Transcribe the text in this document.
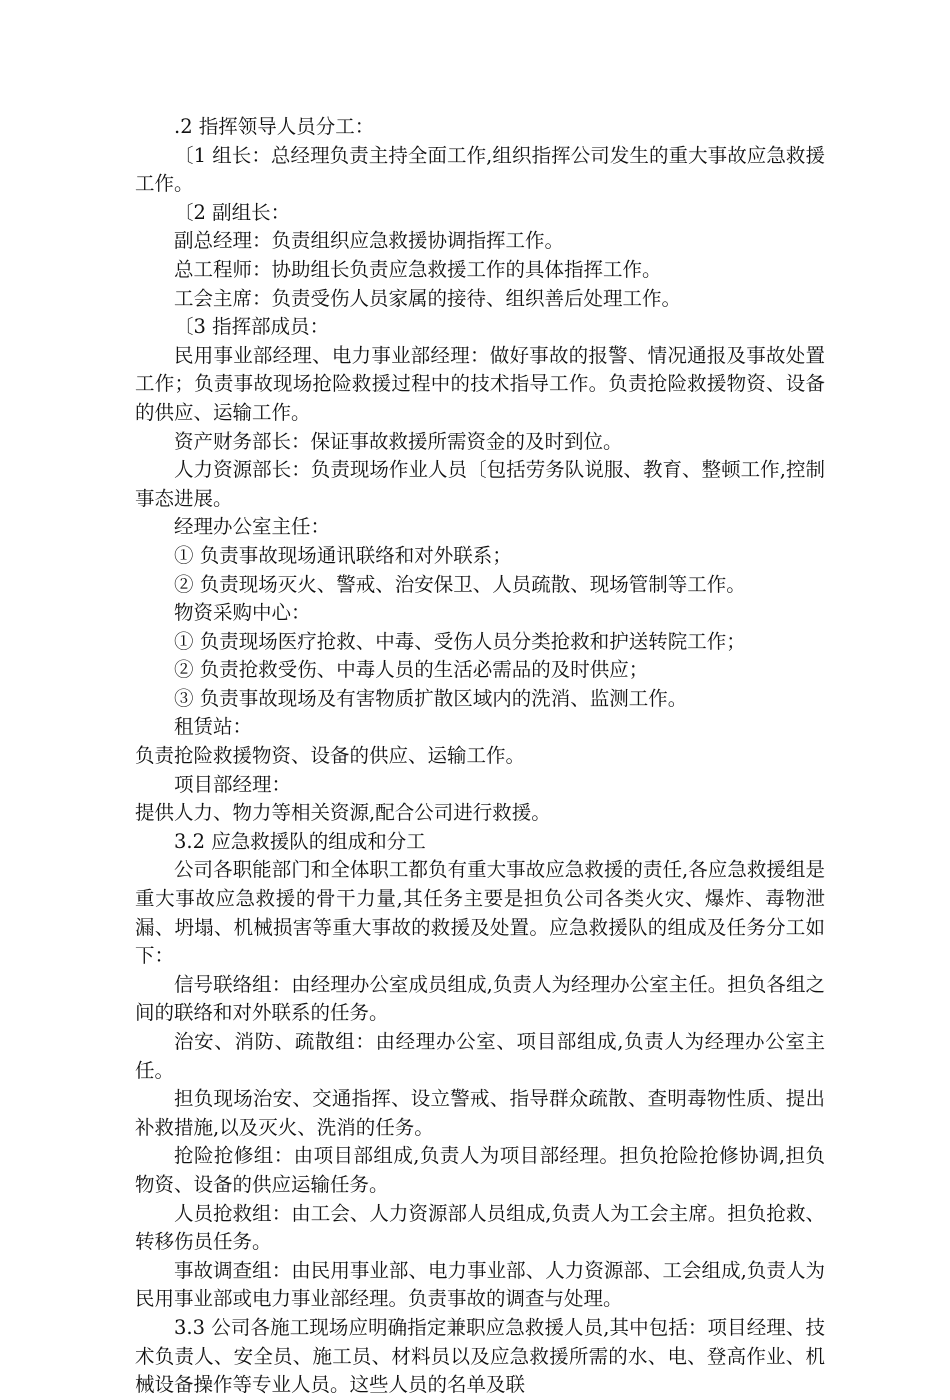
.2 指挥领导人员分工：

〔1 组长：总经理负责主持全面工作,组织指挥公司发生的重大事故应急救援工作。

〔2 副组长：

副总经理：负责组织应急救援协调指挥工作。

总工程师：协助组长负责应急救援工作的具体指挥工作。

工会主席：负责受伤人员家属的接待、组织善后处理工作。

〔3 指挥部成员：

民用事业部经理、电力事业部经理：做好事故的报警、情况通报及事故处置工作；负责事故现场抢险救援过程中的技术指导工作。负责抢险救援物资、设备的供应、运输工作。

资产财务部长：保证事故救援所需资金的及时到位。

人力资源部长：负责现场作业人员〔包括劳务队说服、教育、整顿工作,控制事态进展。

经理办公室主任：

① 负责事故现场通讯联络和对外联系；

② 负责现场灭火、警戒、治安保卫、人员疏散、现场管制等工作。

物资采购中心：

① 负责现场医疗抢救、中毒、受伤人员分类抢救和护送转院工作；

② 负责抢救受伤、中毒人员的生活必需品的及时供应；

③ 负责事故现场及有害物质扩散区域内的洗消、监测工作。

租赁站：

负责抢险救援物资、设备的供应、运输工作。

项目部经理：

提供人力、物力等相关资源,配合公司进行救援。

3.2 应急救援队的组成和分工

公司各职能部门和全体职工都负有重大事故应急救援的责任,各应急救援组是重大事故应急救援的骨干力量,其任务主要是担负公司各类火灾、爆炸、毒物泄漏、坍塌、机械损害等重大事故的救援及处置。应急救援队的组成及任务分工如下：

信号联络组：由经理办公室成员组成,负责人为经理办公室主任。担负各组之间的联络和对外联系的任务。

治安、消防、疏散组：由经理办公室、项目部组成,负责人为经理办公室主任。

担负现场治安、交通指挥、设立警戒、指导群众疏散、查明毒物性质、提出补救措施,以及灭火、洗消的任务。

抢险抢修组：由项目部组成,负责人为项目部经理。担负抢险抢修协调,担负物资、设备的供应运输任务。

人员抢救组：由工会、人力资源部人员组成,负责人为工会主席。担负抢救、转移伤员任务。

事故调查组：由民用事业部、电力事业部、人力资源部、工会组成,负责人为民用事业部或电力事业部经理。负责事故的调查与处理。

3.3 公司各施工现场应明确指定兼职应急救援人员,其中包括：项目经理、技术负责人、安全员、施工员、材料员以及应急救援所需的水、电、登高作业、机械设备操作等专业人员。这些人员的名单及联
